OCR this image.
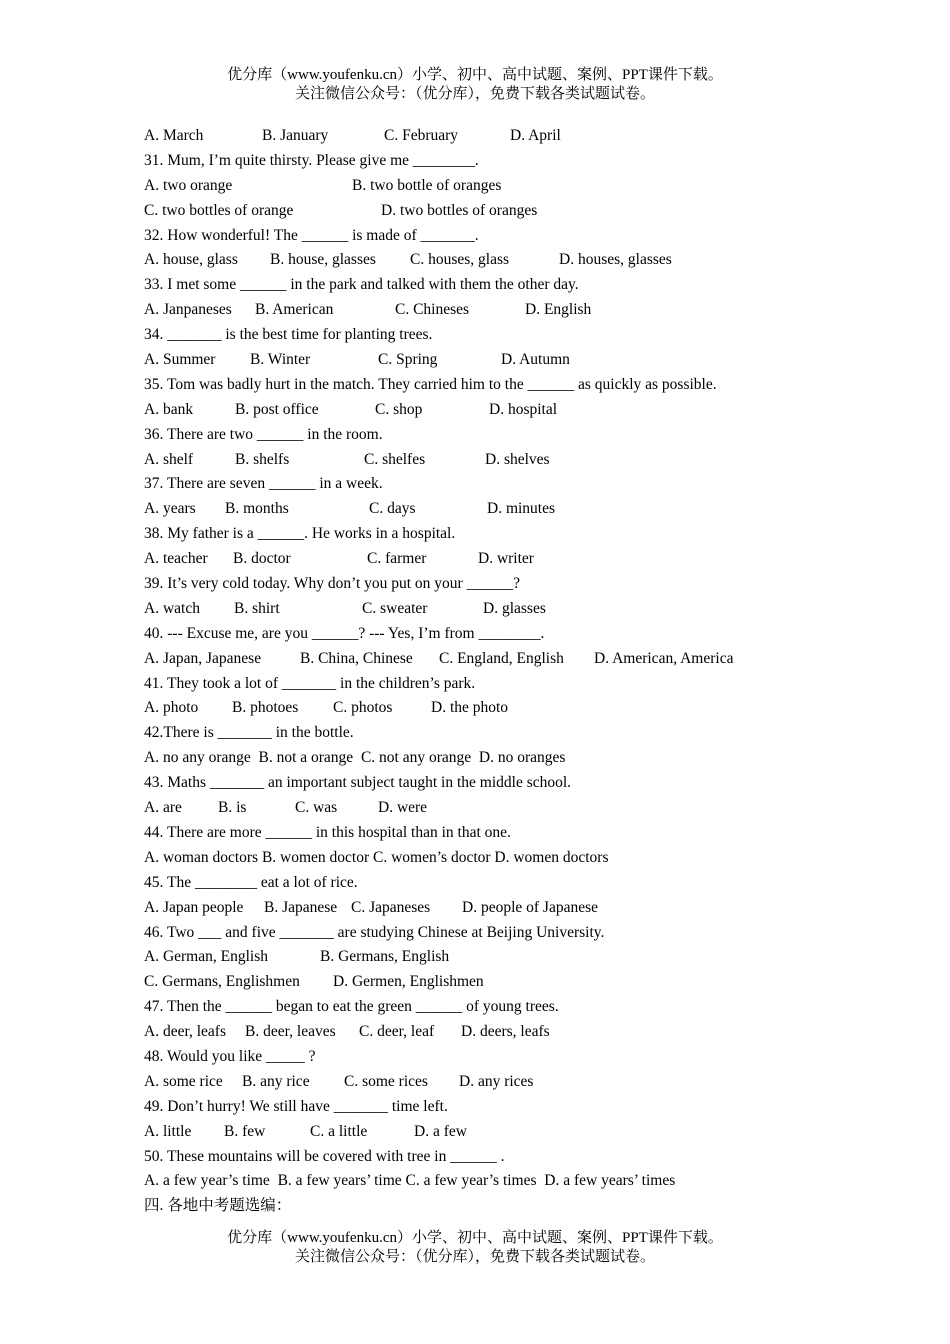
优分库（www.youfenku.cn）小学、初中、高中试题、案例、PPT课件下载。
关注微信公众号：（优分库），免费下载各类试题试卷。
A. March	B. January	C. February	D. April
31. Mum, I’m quite thirsty. Please give me ________.
A. two orange	B. two bottle of oranges
C. two bottles of orange	D. two bottles of oranges
32. How wonderful! The ______ is made of _______.
A. house, glass B. house, glasses C. houses, glass	D. houses, glasses
33. I met some ______ in the park and talked with them the other day.
A. Janpaneses B. American	C. Chineses	D. English
34. _______ is the best time for planting trees.
A. Summer B. Winter	C. Spring	D. Autumn
35. Tom was badly hurt in the match. They carried him to the ______ as quickly as possible.
A. bank	B. post office	C. shop	D. hospital
36. There are two ______ in the room.
A. shelf	B. shelfs	C. shelfes	D. shelves
37. There are seven ______ in a week.
A. years B. months	C. days	D. minutes
38. My father is a ______. He works in a hospital.
A. teacher B. doctor	C. farmer	D. writer
39. It’s very cold today. Why don’t you put on your ______?
A. watch B. shirt	C. sweater	D. glasses
40. --- Excuse me, are you ______? --- Yes, I’m from ________.
A. Japan, Japanese	B. China, Chinese C. England, English D. American, America
41. They took a lot of _______ in the children’s park.
A. photo B. photoes C. photos D. the photo
42.There is _______ in the bottle.
A. no any orange  B. not a orange  C. not any orange  D. no oranges
43. Maths _______ an important subject taught in the middle school.
A. are B. is	C. was	D. were
44. There are more ______ in this hospital than in that one.
A. woman doctors B. women doctor C. women’s doctor D. women doctors
45. The ________ eat a lot of rice.
A. Japan people B. Japanese C. Japaneses D. people of Japanese
46. Two ___ and five _______ are studying Chinese at Beijing University.
A. German, English	B. Germans, English
C. Germans, Englishmen D. Germen, Englishmen
47. Then the ______ began to eat the green ______ of young trees.
A. deer, leafs B. deer, leaves C. deer, leaf D. deers, leafs
48. Would you like _____ ?
A. some rice B. any rice C. some rices D. any rices
49. Don’t hurry! We still have _______ time left.
A. little B. few	C. a little	D. a few
50. These mountains will be covered with tree in ______ .
A. a few year’s time  B. a few years’ time C. a few year’s times  D. a few years’ times
四. 各地中考题选编：
优分库（www.youfenku.cn）小学、初中、高中试题、案例、PPT课件下载。
关注微信公众号：（优分库），免费下载各类试题试卷。
